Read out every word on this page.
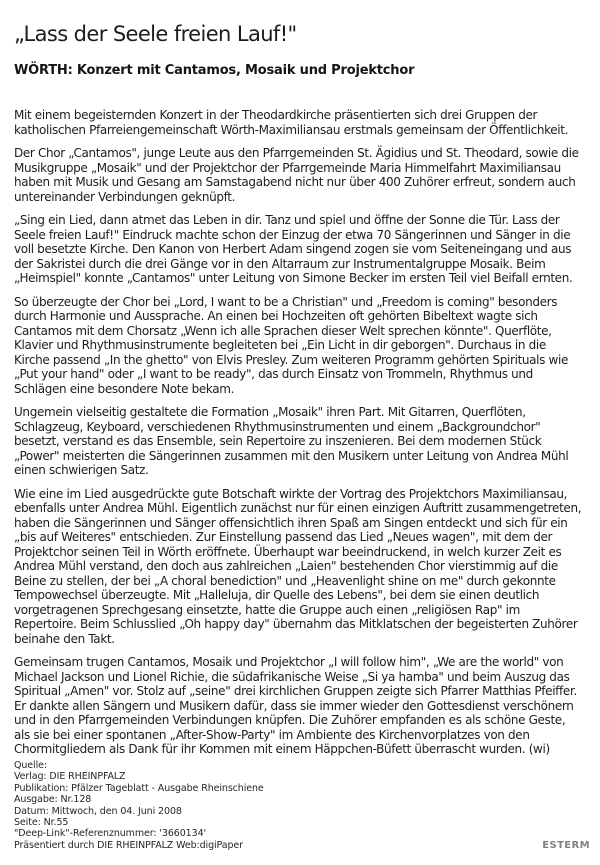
„Lass der Seele freien Lauf!"
WÖRTH: Konzert mit Cantamos, Mosaik und Projektchor

Mit einem begeisternden Konzert in der Theodardkirche präsentierten sich drei Gruppen der katholischen Pfarreiengemeinschaft Wörth-Maximiliansau erstmals gemeinsam der Öffentlichkeit.

Der Chor „Cantamos", junge Leute aus den Pfarrgemeinden St. Ägidius und St. Theodard, sowie die Musikgruppe „Mosaik" und der Projektchor der Pfarrgemeinde Maria Himmelfahrt Maximiliansau haben mit Musik und Gesang am Samstagabend nicht nur über 400 Zuhörer erfreut, sondern auch untereinander Verbindungen geknüpft.

„Sing ein Lied, dann atmet das Leben in dir. Tanz und spiel und öffne der Sonne die Tür. Lass der Seele freien Lauf!" Eindruck machte schon der Einzug der etwa 70 Sängerinnen und Sänger in die voll besetzte Kirche. Den Kanon von Herbert Adam singend zogen sie vom Seiteneingang und aus der Sakristei durch die drei Gänge vor in den Altarraum zur Instrumentalgruppe Mosaik. Beim „Heimspiel" konnte „Cantamos" unter Leitung von Simone Becker im ersten Teil viel Beifall ernten.

So überzeugte der Chor bei „Lord, I want to be a Christian" und „Freedom is coming" besonders durch Harmonie und Aussprache. An einen bei Hochzeiten oft gehörten Bibeltext wagte sich Cantamos mit dem Chorsatz „Wenn ich alle Sprachen dieser Welt sprechen könnte". Querflöte, Klavier und Rhythmusinstrumente begleiteten bei „Ein Licht in dir geborgen". Durchaus in die Kirche passend „In the ghetto" von Elvis Presley. Zum weiteren Programm gehörten Spirituals wie „Put your hand" oder „I want to be ready", das durch Einsatz von Trommeln, Rhythmus und Schlägen eine besondere Note bekam.

Ungemein vielseitig gestaltete die Formation „Mosaik" ihren Part. Mit Gitarren, Querflöten, Schlagzeug, Keyboard, verschiedenen Rhythmusinstrumenten und einem „Backgroundchor" besetzt, verstand es das Ensemble, sein Repertoire zu inszenieren. Bei dem modernen Stück „Power" meisterten die Sängerinnen zusammen mit den Musikern unter Leitung von Andrea Mühl einen schwierigen Satz.

Wie eine im Lied ausgedrückte gute Botschaft wirkte der Vortrag des Projektchors Maximiliansau, ebenfalls unter Andrea Mühl. Eigentlich zunächst nur für einen einzigen Auftritt zusammengetreten, haben die Sängerinnen und Sänger offensichtlich ihren Spaß am Singen entdeckt und sich für ein „bis auf Weiteres" entschieden. Zur Einstellung passend das Lied „Neues wagen", mit dem der Projektchor seinen Teil in Wörth eröffnete. Überhaupt war beeindruckend, in welch kurzer Zeit es Andrea Mühl verstand, den doch aus zahlreichen „Laien" bestehenden Chor vierstimmig auf die Beine zu stellen, der bei „A choral benediction" und „Heavenlight shine on me" durch gekonnte Tempowechsel überzeugte. Mit „Halleluja, dir Quelle des Lebens", bei dem sie einen deutlich vorgetragenen Sprechgesang einsetzte, hatte die Gruppe auch einen „religiösen Rap" im Repertoire. Beim Schlusslied „Oh happy day" übernahm das Mitklatschen der begeisterten Zuhörer beinahe den Takt.

Gemeinsam trugen Cantamos, Mosaik und Projektchor „I will follow him", „We are the world" von Michael Jackson und Lionel Richie, die südafrikanische Weise „Si ya hamba" und beim Auszug das Spiritual „Amen" vor. Stolz auf „seine" drei kirchlichen Gruppen zeigte sich Pfarrer Matthias Pfeiffer. Er dankte allen Sängern und Musikern dafür, dass sie immer wieder den Gottesdienst verschönern und in den Pfarrgemeinden Verbindungen knüpfen. Die Zuhörer empfanden es als schöne Geste, als sie bei einer spontanen „After-Show-Party" im Ambiente des Kirchenvorplatzes von den Chormitgliedern als Dank für ihr Kommen mit einem Häppchen-Büfett überrascht wurden. (wi)

Quelle:
Verlag: DIE RHEINPFALZ
Publikation: Pfälzer Tageblatt - Ausgabe Rheinschiene
Ausgabe: Nr.128
Datum: Mittwoch, den 04. Juni 2008
Seite: Nr.55
"Deep-Link"-Referenznummer: '3660134'
Präsentiert durch DIE RHEINPFALZ Web:digiPaper	ESTERM
